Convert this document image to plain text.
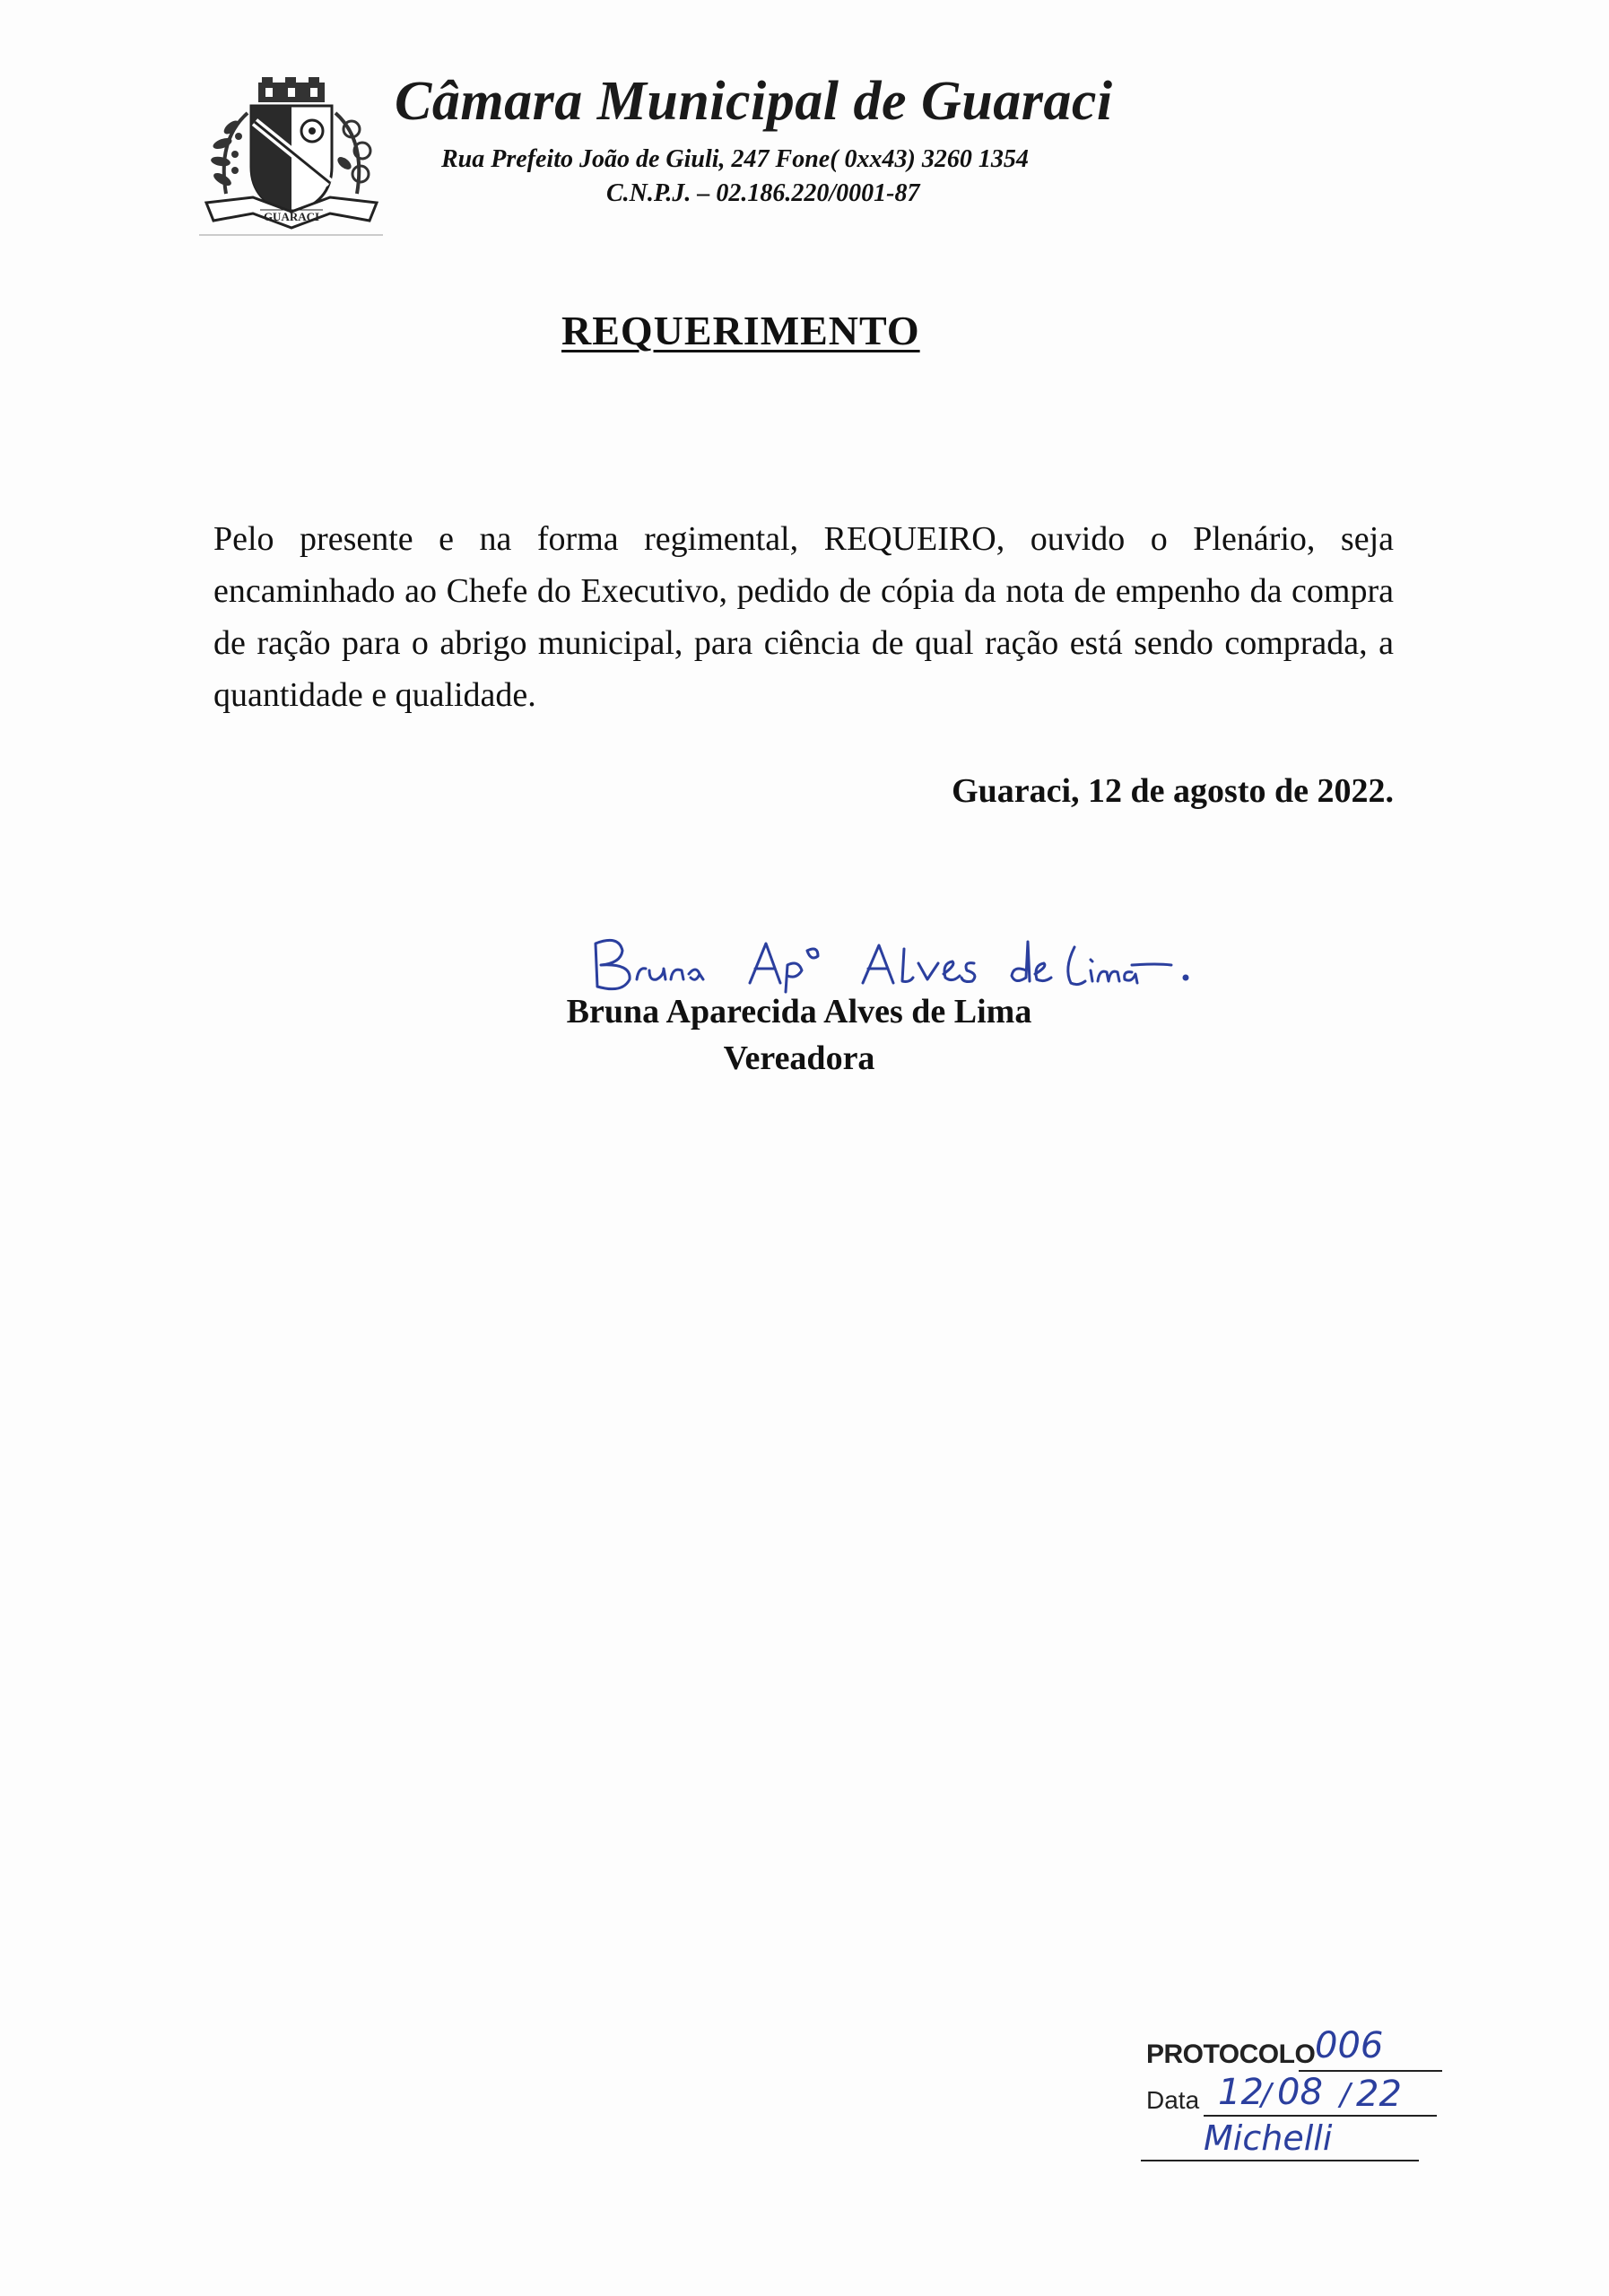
GUARACI
Câmara Municipal de Guaraci
Rua Prefeito João de Giuli, 247 Fone( 0xx43) 3260 1354
C.N.P.J. – 02.186.220/0001-87
REQUERIMENTO

Pelo presente e na forma regimental, REQUEIRO, ouvido o Plenário, seja encaminhado ao Chefe do Executivo, pedido de cópia da nota de empenho da compra de ração para o abrigo municipal, para ciência de qual ração está sendo comprada, a quantidade e qualidade.

Guaraci, 12 de agosto de 2022.
Bruna Aparecida Alves de Lima
Vereadora
PROTOCOLO 006
Data 12
/ 08 / 22
Michelli
